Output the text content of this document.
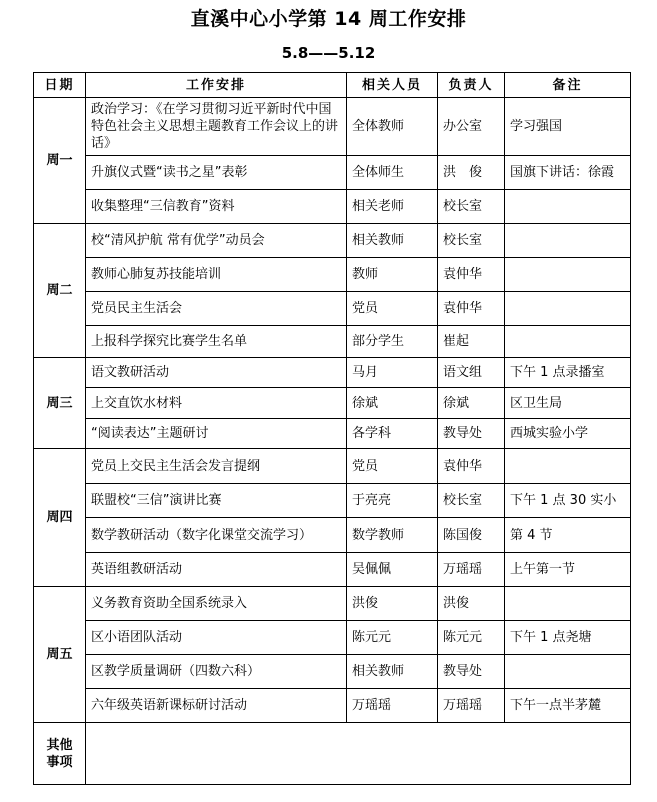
直溪中心小学第 14 周工作安排
5.8——5.12
日期	工作安排	相关人员	负责人	备注
周一	政治学习：《在学习贯彻习近平新时代中国特色社会主义思想主题教育工作会议上的讲话》	全体教师	办公室	学习强国
	升旗仪式暨“读书之星”表彰	全体师生	洪　俊	国旗下讲话：徐霞
	收集整理“三信教育”资料	相关老师	校长室	
周二	校“清风护航 常有优学”动员会	相关教师	校长室	
	教师心肺复苏技能培训	教师	袁仲华	
	党员民主生活会	党员	袁仲华	
	上报科学探究比赛学生名单	部分学生	崔起	
周三	语文教研活动	马月	语文组	下午 1 点录播室
	上交直饮水材料	徐斌	徐斌	区卫生局
	“阅读表达”主题研讨	各学科	教导处	西城实验小学
周四	党员上交民主生活会发言提纲	党员	袁仲华	
	联盟校“三信”演讲比赛	于亮亮	校长室	下午 1 点 30 实小
	数学教研活动（数字化课堂交流学习）	数学教师	陈国俊	第 4 节
	英语组教研活动	吴佩佩	万瑶瑶	上午第一节
周五	义务教育资助全国系统录入	洪俊	洪俊	
	区小语团队活动	陈元元	陈元元	下午 1 点尧塘
	区教学质量调研（四数六科）	相关教师	教导处	
	六年级英语新课标研讨活动	万瑶瑶	万瑶瑶	下午一点半茅麓
其他事项				
